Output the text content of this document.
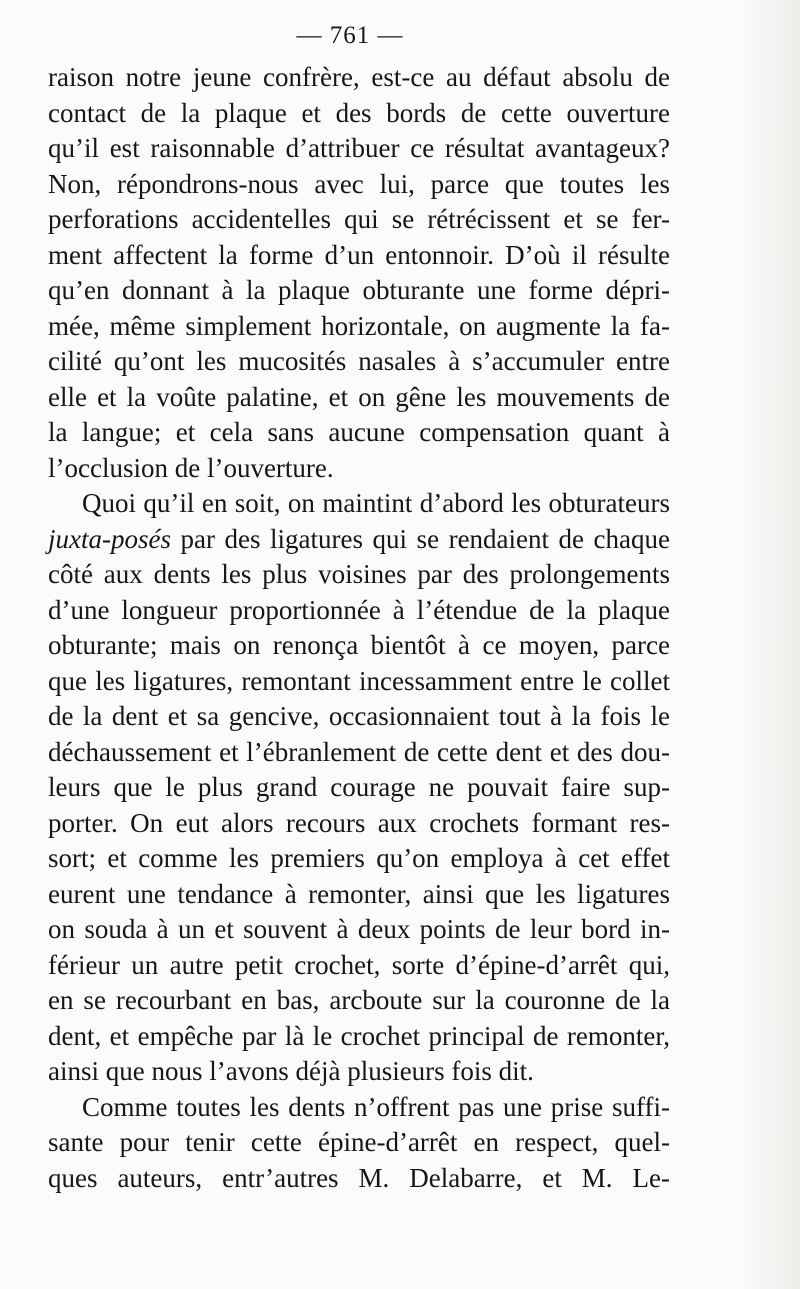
— 761 —
raison notre jeune confrère, est-ce au défaut absolu de
contact de la plaque et des bords de cette ouverture
qu’il est raisonnable d’attribuer ce résultat avantageux?
Non, répondrons-nous avec lui, parce que toutes les
perforations accidentelles qui se rétrécissent et se fer-
ment affectent la forme d’un entonnoir. D’où il résulte
qu’en donnant à la plaque obturante une forme dépri-
mée, même simplement horizontale, on augmente la fa-
cilité qu’ont les mucosités nasales à s’accumuler entre
elle et la voûte palatine, et on gêne les mouvements de
la langue; et cela sans aucune compensation quant à
l’occlusion de l’ouverture.
Quoi qu’il en soit, on maintint d’abord les obturateurs
juxta-posés par des ligatures qui se rendaient de chaque
côté aux dents les plus voisines par des prolongements
d’une longueur proportionnée à l’étendue de la plaque
obturante; mais on renonça bientôt à ce moyen, parce
que les ligatures, remontant incessamment entre le collet
de la dent et sa gencive, occasionnaient tout à la fois le
déchaussement et l’ébranlement de cette dent et des dou-
leurs que le plus grand courage ne pouvait faire sup-
porter. On eut alors recours aux crochets formant res-
sort; et comme les premiers qu’on employa à cet effet
eurent une tendance à remonter, ainsi que les ligatures
on souda à un et souvent à deux points de leur bord in-
férieur un autre petit crochet, sorte d’épine-d’arrêt qui,
en se recourbant en bas, arcboute sur la couronne de la
dent, et empêche par là le crochet principal de remonter,
ainsi que nous l’avons déjà plusieurs fois dit.
Comme toutes les dents n’offrent pas une prise suffi-
sante pour tenir cette épine-d’arrêt en respect, quel-
ques auteurs, entr’autres M. Delabarre, et M. Le-
